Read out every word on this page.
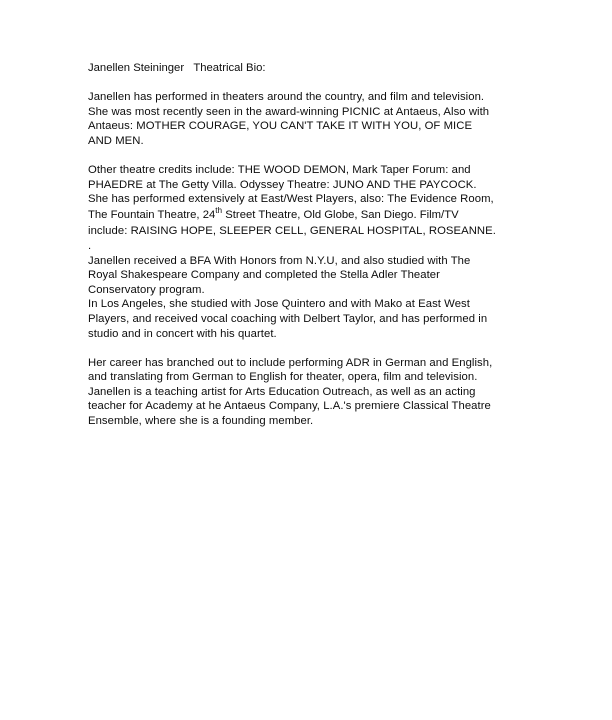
Janellen Steininger Theatrical Bio:

Janellen has performed in theaters around the country, and film and television.
She was most recently seen in the award-winning PICNIC at Antaeus, Also with
Antaeus: MOTHER COURAGE, YOU CAN'T TAKE IT WITH YOU, OF MICE
AND MEN.

Other theatre credits include: THE WOOD DEMON, Mark Taper Forum: and
PHAEDRE at The Getty Villa. Odyssey Theatre: JUNO AND THE PAYCOCK.
She has performed extensively at East/West Players, also: The Evidence Room,
The Fountain Theatre, 24th Street Theatre, Old Globe, San Diego. Film/TV
include: RAISING HOPE, SLEEPER CELL, GENERAL HOSPITAL, ROSEANNE.
.
Janellen received a BFA With Honors from N.Y.U, and also studied with The
Royal Shakespeare Company and completed the Stella Adler Theater
Conservatory program.
In Los Angeles, she studied with Jose Quintero and with Mako at East West
Players, and received vocal coaching with Delbert Taylor, and has performed in
studio and in concert with his quartet.

Her career has branched out to include performing ADR in German and English,
and translating from German to English for theater, opera, film and television.
Janellen is a teaching artist for Arts Education Outreach, as well as an acting
teacher for Academy at he Antaeus Company, L.A.'s premiere Classical Theatre
Ensemble, where she is a founding member.
